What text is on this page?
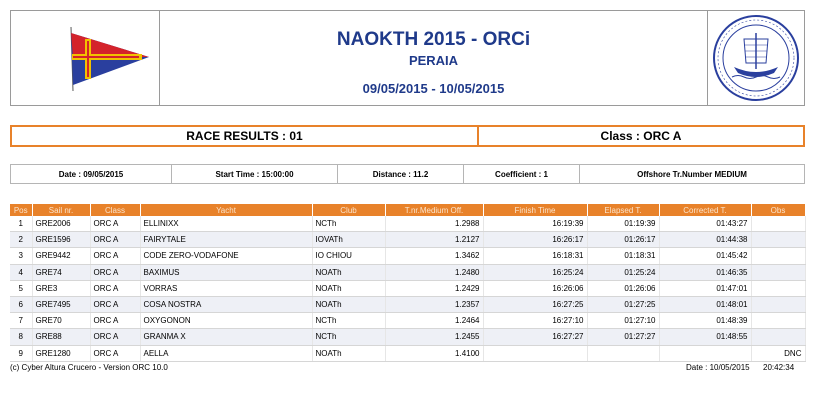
NAOKTH 2015 - ORCi
PERAIA
09/05/2015 - 10/05/2015
RACE RESULTS : 01	Class : ORC A
Date : 09/05/2015	Start Time : 15:00:00	Distance : 11.2	Coefficient : 1	Offshore Tr.Number MEDIUM
Pos	Sail nr.	Class	Yacht	Club	T.nr.Medium Off.	Finish Time	Elapsed T.	Corrected T.	Obs
1	GRE2006	ORC A	ELLINIXX	NCTh	1.2988	16:19:39	01:19:39	01:43:27	
2	GRE1596	ORC A	FAIRYTALE	IOVATh	1.2127	16:26:17	01:26:17	01:44:38	
3	GRE9442	ORC A	CODE ZERO-VODAFONE	IO CHIOU	1.3462	16:18:31	01:18:31	01:45:42	
4	GRE74	ORC A	BAXIMUS	NOATh	1.2480	16:25:24	01:25:24	01:46:35	
5	GRE3	ORC A	VORRAS	NOATh	1.2429	16:26:06	01:26:06	01:47:01	
6	GRE7495	ORC A	COSA NOSTRA	NOATh	1.2357	16:27:25	01:27:25	01:48:01	
7	GRE70	ORC A	OXYGONON	NCTh	1.2464	16:27:10	01:27:10	01:48:39	
8	GRE88	ORC A	GRANMA X	NCTh	1.2455	16:27:27	01:27:27	01:48:55	
9	GRE1280	ORC A	AELLA	NOATh	1.4100				DNC
(c) Cyber Altura Crucero - Version ORC 10.0	Date : 10/05/2015 20:42:34
